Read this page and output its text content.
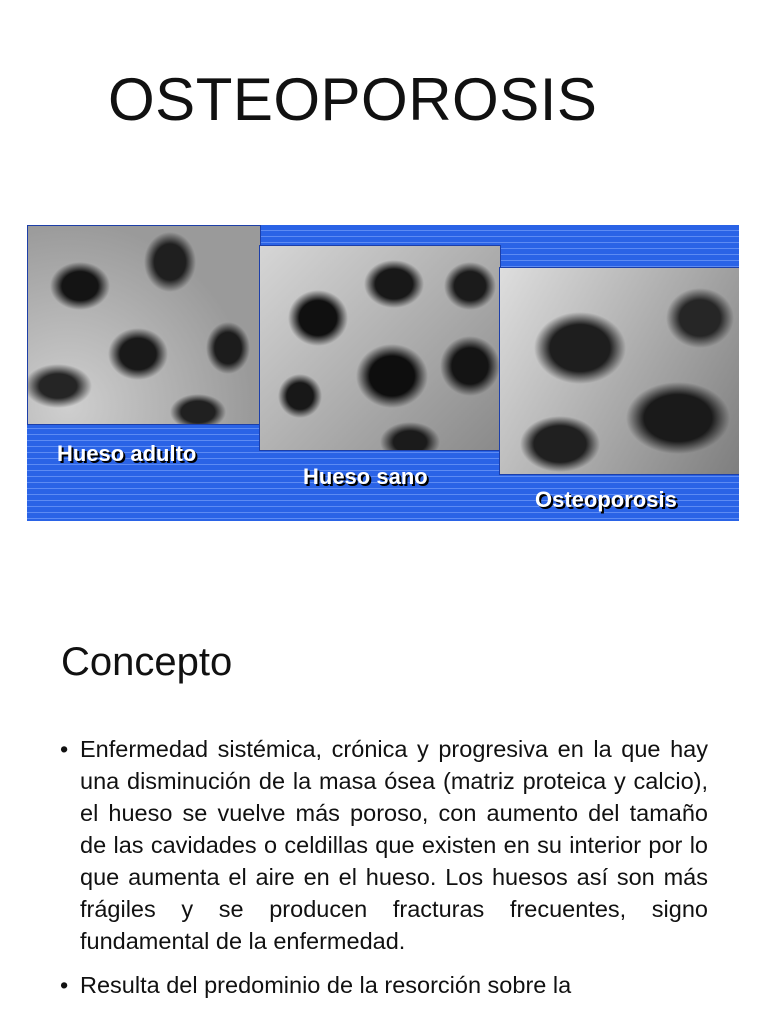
OSTEOPOROSIS

Hueso adulto

Hueso sano

Osteoporosis

Concepto
• Enfermedad sistémica, crónica y progresiva en la que hay una disminución de la masa ósea (matriz proteica y calcio), el hueso se vuelve más poroso, con aumento del tamaño de las cavidades o celdillas que existen en su interior por lo que aumenta el aire en el hueso. Los huesos así son más frágiles y se producen fracturas frecuentes, signo fundamental de la enfermedad.
• Resulta del predominio de la resorción sobre la
